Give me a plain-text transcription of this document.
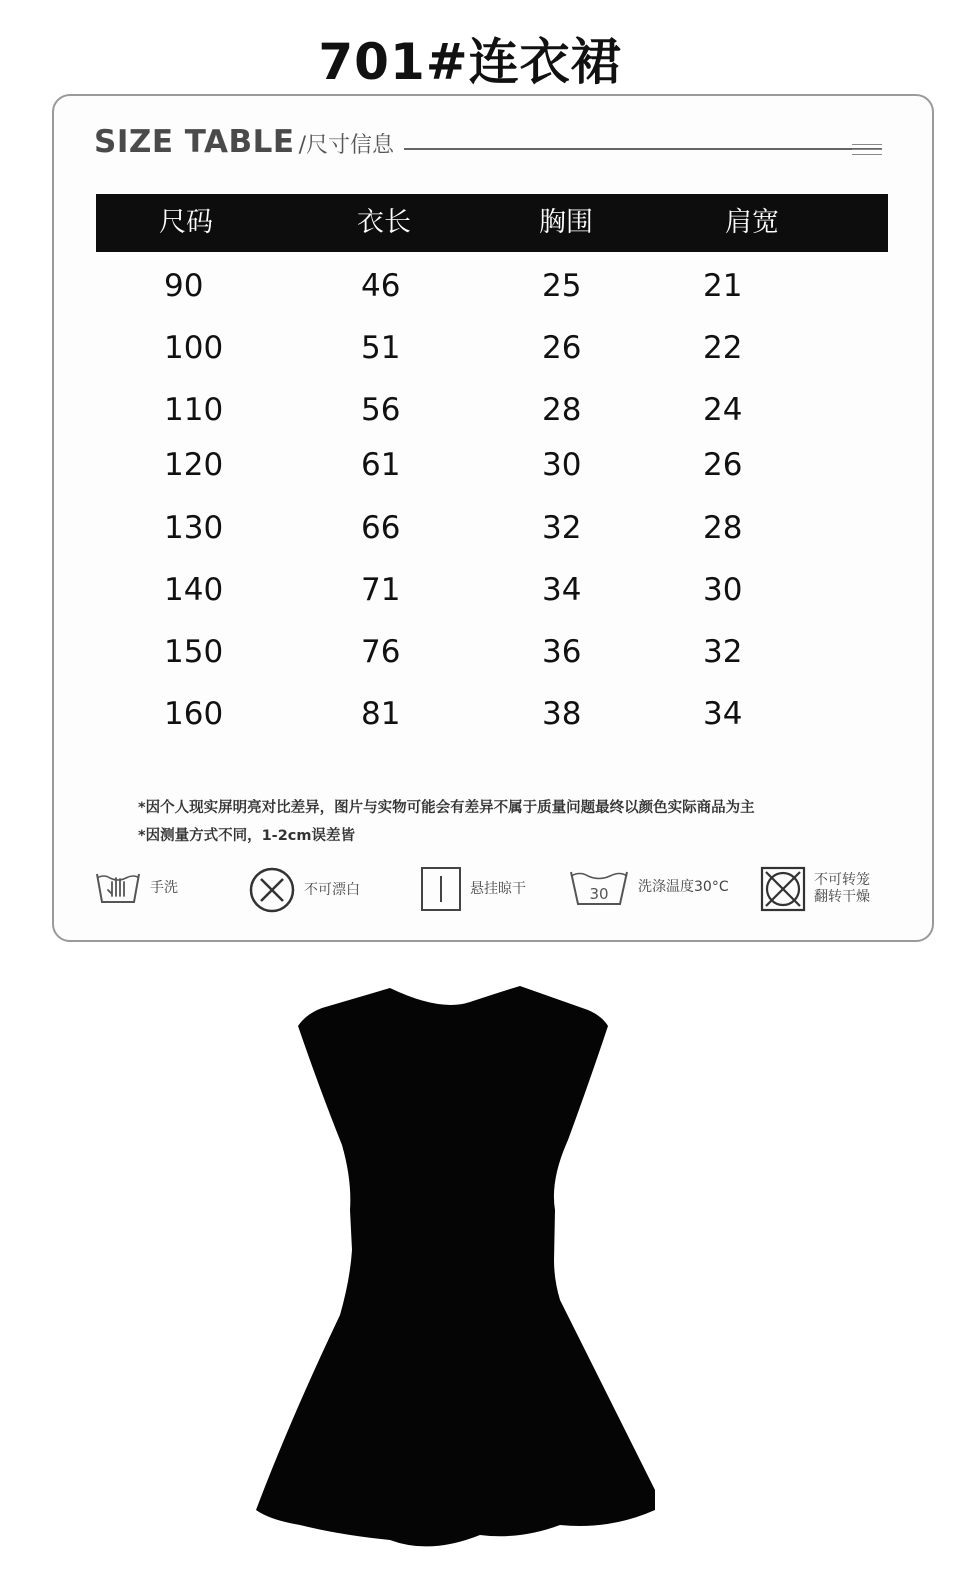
701#连衣裙
SIZE TABLE /尺寸信息
尺码	衣长	胸围	肩宽
90	46	25	21
100	51	26	22
110	56	28	24
120	61	30	26
130	66	32	28
140	71	34	30
150	76	36	32
160	81	38	34
*因个人现实屏明亮对比差异，图片与实物可能会有差异不属于质量问题最终以颜色实际商品为主
*因测量方式不同，1-2cm误差皆
手洗	不可漂白	悬挂晾干	30 洗涤温度30°C	不可转笼
翻转干燥
